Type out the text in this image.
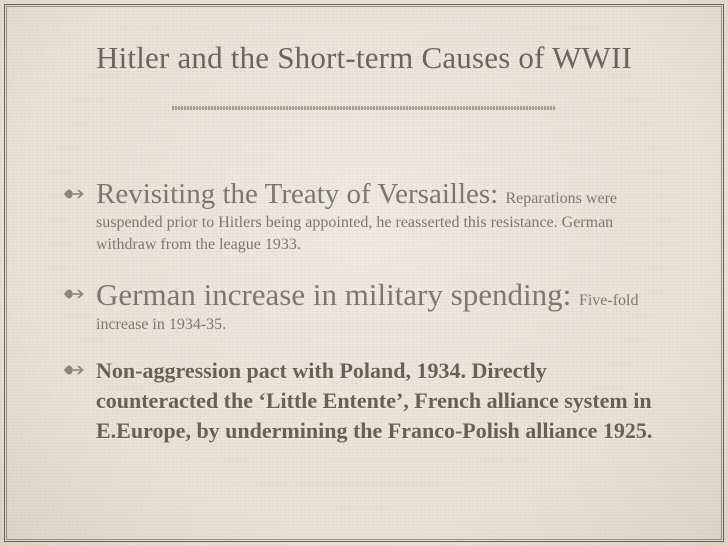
Hitler and the Short-term Causes of WWII
Revisiting the Treaty of Versailles: Reparations were suspended prior to Hitlers being appointed, he reasserted this resistance. German withdraw from the league 1933.
German increase in military spending: Five-fold increase in 1934-35.
Non-aggression pact with Poland, 1934. Directly counteracted the ‘Little Entente’, French alliance system in E.Europe, by undermining the Franco-Polish alliance 1925.
